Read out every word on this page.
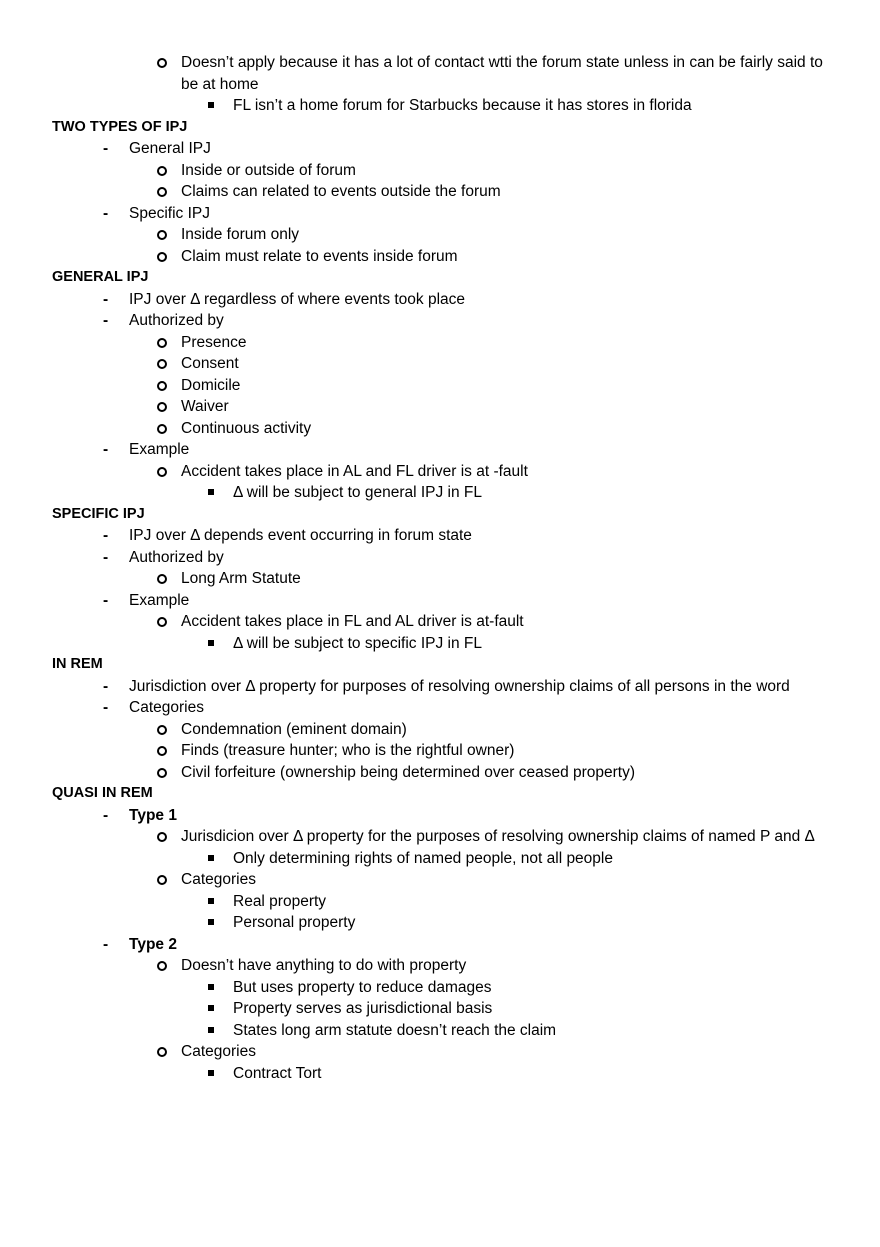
Doesn’t apply because it has a lot of contact wtti the forum state unless in can be fairly said to be at home
FL isn’t a home forum for Starbucks because it has stores in florida
TWO TYPES OF IPJ
- General IPJ
Inside or outside of forum
Claims can related to events outside the forum
- Specific IPJ
Inside forum only
Claim must relate to events inside forum
GENERAL IPJ
- IPJ over Δ regardless of where events took place
- Authorized by
Presence
Consent
Domicile
Waiver
Continuous activity
- Example
Accident takes place in AL and FL driver is at -fault
Δ will be subject to general IPJ in FL
SPECIFIC IPJ
- IPJ over Δ depends event occurring in forum state
- Authorized by
Long Arm Statute
- Example
Accident takes place in FL and AL driver is at-fault
Δ will be subject to specific IPJ in FL
IN REM
- Jurisdiction over Δ property for purposes of resolving ownership claims of all persons in the word
- Categories
Condemnation (eminent domain)
Finds (treasure hunter; who is the rightful owner)
Civil forfeiture (ownership being determined over ceased property)
QUASI IN REM
- Type 1
Jurisdicion over Δ property for the purposes of resolving ownership claims of named P and Δ
Only determining rights of named people, not all people
Categories
Real property
Personal property
- Type 2
Doesn’t have anything to do with property
But uses property to reduce damages
Property serves as jurisdictional basis
States long arm statute doesn’t reach the claim
Categories
Contract Tort
